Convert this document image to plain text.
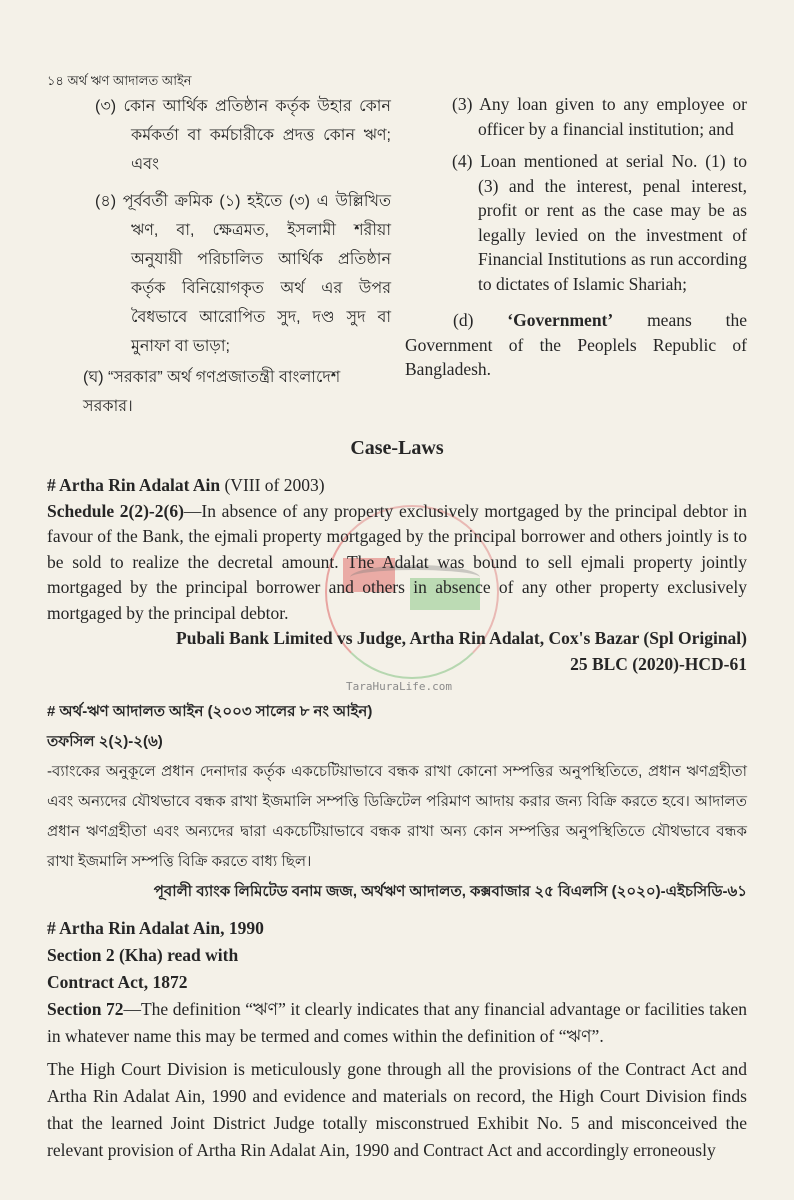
১৪ অর্থ ঋণ আদালত আইন
(৩) কোন আর্থিক প্রতিষ্ঠান কর্তৃক উহার কোন কর্মকর্তা বা কর্মচারীকে প্রদত্ত কোন ঋণ; এবং
(৪) পূর্ববর্তী ক্রমিক (১) হইতে (৩) এ উল্লিখিত ঋণ, বা, ক্ষেত্রমত, ইসলামী শরীয়া অনুযায়ী পরিচালিত আর্থিক প্রতিষ্ঠান কর্তৃক বিনিয়োগকৃত অর্থ এর উপর বৈধভাবে আরোপিত সুদ, দণ্ড সুদ বা মুনাফা বা ভাড়া;
(ঘ) “সরকার” অর্থ গণপ্রজাতন্ত্রী বাংলাদেশ সরকার।
(3) Any loan given to any employee or officer by a financial institution; and
(4) Loan mentioned at serial No. (1) to (3) and the interest, penal interest, profit or rent as the case may be as legally levied on the investment of Financial Institutions as run according to dictates of Islamic Shariah;
(d) ‘Government’ means the Government of the Peoplels Republic of Bangladesh.
Case-Laws
# Artha Rin Adalat Ain (VIII of 2003)
Schedule 2(2)-2(6)—In absence of any property exclusively mortgaged by the principal debtor in favour of the Bank, the ejmali property mortgaged by the principal borrower and others jointly is to be sold to realize the decretal amount. The Adalat was bound to sell ejmali property jointly mortgaged by the principal borrower and others in absence of any other property exclusively mortgaged by the principal debtor.
Pubali Bank Limited vs Judge, Artha Rin Adalat, Cox's Bazar (Spl Original)
25 BLC (2020)-HCD-61
TaraHuraLife.com
# অর্থ-ঋণ আদালত আইন (২০০৩ সালের ৮ নং আইন)
তফসিল ২(২)-২(৬)
-ব্যাংকের অনুকূলে প্রধান দেনাদার কর্তৃক একচেটিয়াভাবে বন্ধক রাখা কোনো সম্পত্তির অনুপস্থিতিতে, প্রধান ঋণগ্রহীতা এবং অন্যদের যৌথভাবে বন্ধক রাখা ইজমালি সম্পত্তি ডিক্রিটেল পরিমাণ আদায় করার জন্য বিক্রি করতে হবে। আদালত প্রধান ঋণগ্রহীতা এবং অন্যদের দ্বারা একচেটিয়াভাবে বন্ধক রাখা অন্য কোন সম্পত্তির অনুপস্থিতিতে যৌথভাবে বন্ধক রাখা ইজমালি সম্পত্তি বিক্রি করতে বাধ্য ছিল।
পূবালী ব্যাংক লিমিটেড বনাম জজ, অর্থঋণ আদালত, কক্সবাজার ২৫ বিএলসি (২০২০)-এইচসিডি-৬১
# Artha Rin Adalat Ain, 1990
Section 2 (Kha) read with
Contract Act, 1872
Section 72—The definition “ঋণ” it clearly indicates that any financial advantage or facilities taken in whatever name this may be termed and comes within the definition of “ঋণ”.
The High Court Division is meticulously gone through all the provisions of the Contract Act and Artha Rin Adalat Ain, 1990 and evidence and materials on record, the High Court Division finds that the learned Joint District Judge totally misconstrued Exhibit No. 5 and misconceived the relevant provision of Artha Rin Adalat Ain, 1990 and Contract Act and accordingly erroneously
